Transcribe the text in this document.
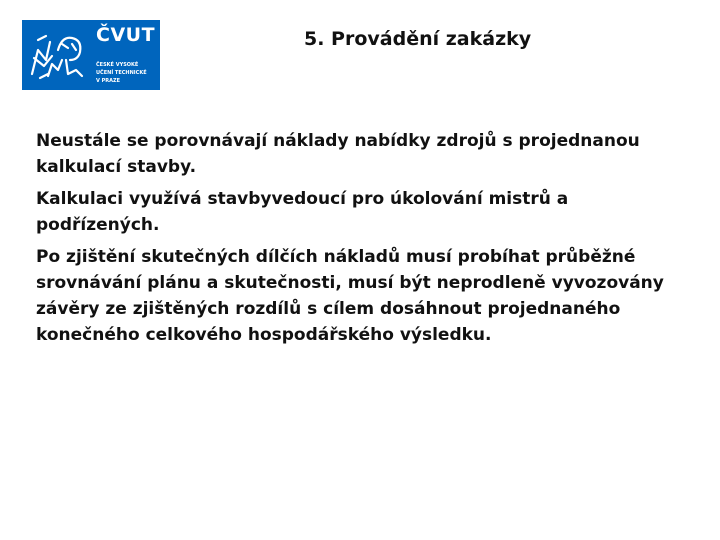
ČVUT
ČESKÉ VYSOKÉ
UČENÍ TECHNICKÉ
V PRAZE
5. Provádění zakázky

Neustále se porovnávají náklady nabídky zdrojů s projednanou kalkulací stavby.

Kalkulaci využívá stavbyvedoucí pro úkolování mistrů a podřízených.

Po zjištění skutečných dílčích nákladů musí probíhat průběžné srovnávání plánu a skutečnosti, musí být neprodleně vyvozovány závěry ze zjištěných rozdílů s cílem dosáhnout projednaného konečného celkového hospodářského výsledku.
